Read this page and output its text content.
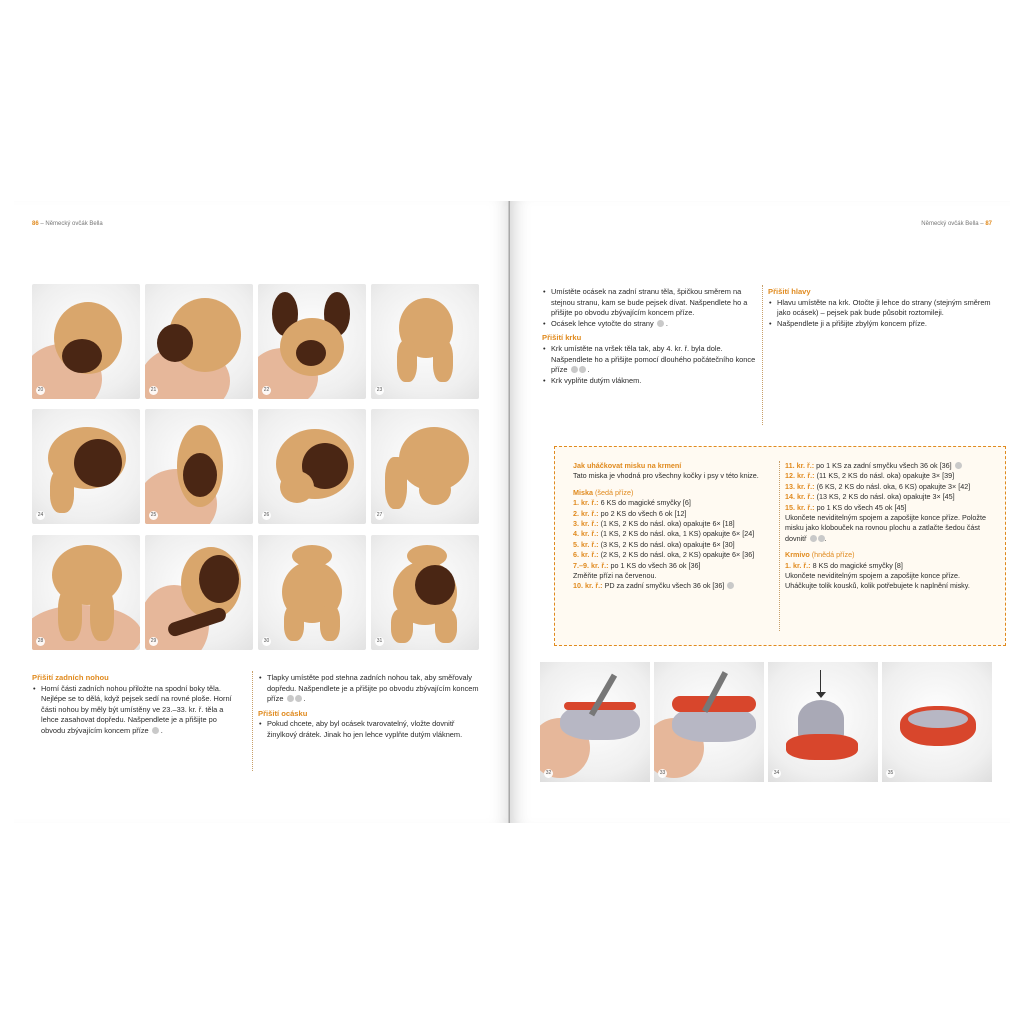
86 – Německý ovčák Bella
20	21	22	23
24	25	26	27
28	29	30	31
Přišití zadních nohou
• Horní části zadních nohou přiložte na spodní boky těla. Nejlépe se to dělá, když pejsek sedí na rovné ploše. Horní části nohou by měly být umístěny ve 23.–33. kr. ř. těla a lehce zasahovat dopředu. Našpendlete je a přišijte po obvodu zbývajícím koncem příze .
• Tlapky umístěte pod stehna zadních nohou tak, aby směřovaly dopředu. Našpendlete je a přišijte po obvodu zbývajícím koncem příze	.
Přišití ocásku
• Pokud chcete, aby byl ocásek tvarovatelný, vložte dovnitř žinylkový drátek. Jinak ho jen lehce vyplňte dutým vláknem.
Německý ovčák Bella – 87
• Umístěte ocásek na zadní stranu těla, špičkou směrem na stejnou stranu, kam se bude pejsek dívat. Našpendlete ho a přišijte po obvodu zbývajícím koncem příze.
• Ocásek lehce vytočte do strany .
Přišití krku
• Krk umístěte na vršek těla tak, aby 4. kr. ř. byla dole. Našpendlete ho a přišijte pomocí dlouhého počátečního konce příze	.
• Krk vyplňte dutým vláknem.
Přišití hlavy
• Hlavu umístěte na krk. Otočte ji lehce do strany (stejným směrem jako ocásek) – pejsek pak bude působit roztomileji.
• Našpendlete ji a přišijte zbylým koncem příze.
Jak uháčkovat misku na krmení
Tato miska je vhodná pro všechny kočky i psy v této knize.
Miska (šedá příze)
1. kr. ř.: 6 KS do magické smyčky [6]
2. kr. ř.: po 2 KS do všech 6 ok [12]
3. kr. ř.: (1 KS, 2 KS do násl. oka) opakujte 6× [18]
4. kr. ř.: (1 KS, 2 KS do násl. oka, 1 KS) opakujte 6× [24]
5. kr. ř.: (3 KS, 2 KS do násl. oka) opakujte 6× [30]
6. kr. ř.: (2 KS, 2 KS do násl. oka, 2 KS) opakujte 6× [36]
7.–9. kr. ř.: po 1 KS do všech 36 ok [36]
Změňte přízi na červenou.
10. kr. ř.: PD za zadní smyčku všech 36 ok [36]
11. kr. ř.: po 1 KS za zadní smyčku všech 36 ok [36]
12. kr. ř.: (11 KS, 2 KS do násl. oka) opakujte 3× [39]
13. kr. ř.: (6 KS, 2 KS do násl. oka, 6 KS) opakujte 3× [42]
14. kr. ř.: (13 KS, 2 KS do násl. oka) opakujte 3× [45]
15. kr. ř.: po 1 KS do všech 45 ok [45]
Ukončete neviditelným spojem a zapošijte konce příze. Položte misku jako klobouček na rovnou plochu a zatlačte šedou část dovnitř	.
Krmivo (hnědá příze)
1. kr. ř.: 8 KS do magické smyčky [8]
Ukončete neviditelným spojem a zapošijte konce příze. Uháčkujte tolik kousků, kolik potřebujete k naplnění misky.
32	33	34	35
